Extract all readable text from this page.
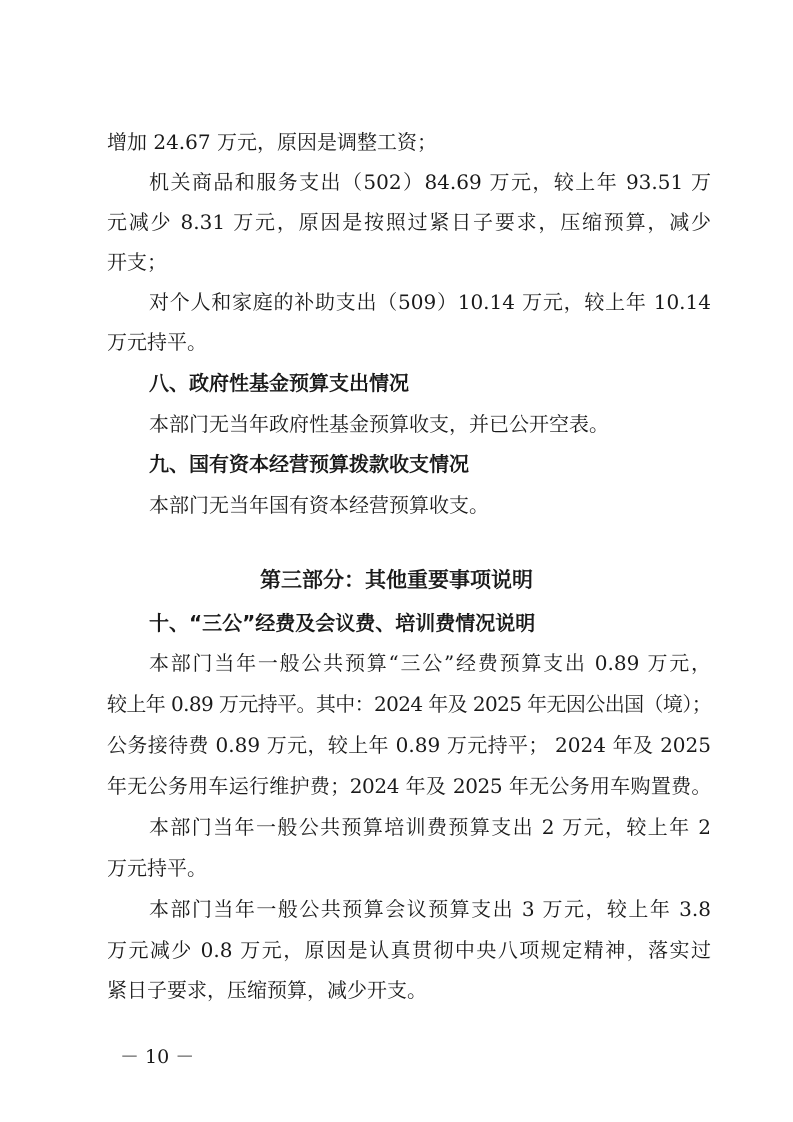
增加 24.67 万元，原因是调整工资；
机关商品和服务支出（502）84.69 万元，较上年 93.51 万
元减少 8.31 万元，原因是按照过紧日子要求，压缩预算，减少
开支；
对个人和家庭的补助支出（509）10.14 万元，较上年 10.14
万元持平。
八、政府性基金预算支出情况
本部门无当年政府性基金预算收支，并已公开空表。
九、国有资本经营预算拨款收支情况
本部门无当年国有资本经营预算收支。
第三部分：其他重要事项说明
十、“三公”经费及会议费、培训费情况说明
本部门当年一般公共预算“三公”经费预算支出 0.89 万元，
较上年 0.89 万元持平。其中：2024 年及 2025 年无因公出国（境）；
公务接待费 0.89 万元，较上年 0.89 万元持平； 2024 年及 2025
年无公务用车运行维护费；2024 年及 2025 年无公务用车购置费。
本部门当年一般公共预算培训费预算支出 2 万元，较上年 2
万元持平。
本部门当年一般公共预算会议预算支出 3 万元，较上年 3.8
万元减少 0.8 万元，原因是认真贯彻中央八项规定精神，落实过
紧日子要求，压缩预算，减少开支。
－ 10 －
